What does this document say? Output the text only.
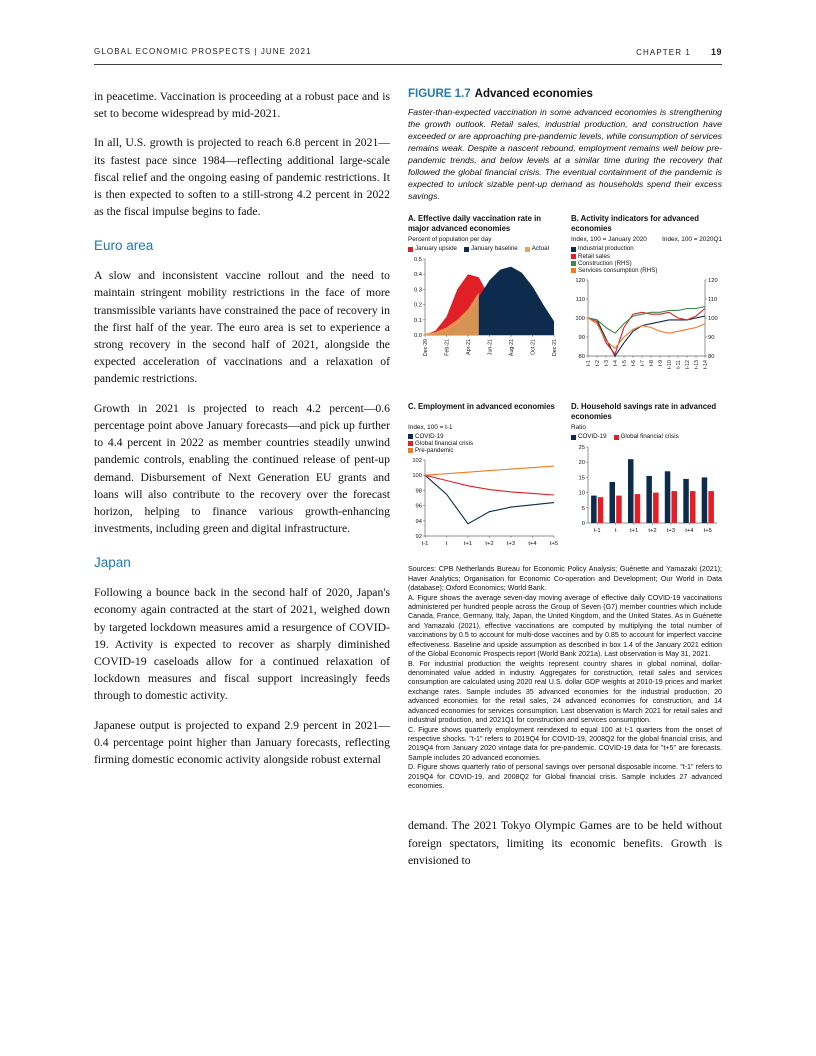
GLOBAL ECONOMIC PROSPECTS | JUNE 2021	CHAPTER 1 19

in peacetime. Vaccination is proceeding at a robust pace and is set to become widespread by mid-2021.

In all, U.S. growth is projected to reach 6.8 percent in 2021—its fastest pace since 1984—reflecting additional large-scale fiscal relief and the ongoing easing of pandemic restrictions. It is then expected to soften to a still-strong 4.2 percent in 2022 as the fiscal impulse begins to fade.

Euro area

A slow and inconsistent vaccine rollout and the need to maintain stringent mobility restrictions in the face of more transmissible variants have constrained the pace of recovery in the first half of the year. The euro area is set to experience a strong recovery in the second half of 2021, alongside the expected acceleration of vaccinations and a relaxation of pandemic restrictions.

Growth in 2021 is projected to reach 4.2 percent—0.6 percentage point above January forecasts—and pick up further to 4.4 percent in 2022 as member countries steadily unwind pandemic controls, enabling the continued release of pent-up demand. Disbursement of Next Generation EU grants and loans will also contribute to the recovery over the forecast horizon, helping to finance various growth-enhancing investments, including green and digital infrastructure.

Japan

Following a bounce back in the second half of 2020, Japan's economy again contracted at the start of 2021, weighed down by targeted lockdown measures amid a resurgence of COVID-19. Activity is expected to recover as sharply diminished COVID-19 caseloads allow for a continued relaxation of lockdown measures and fiscal support increasingly feeds through to domestic activity.

Japanese output is projected to expand 2.9 percent in 2021—0.4 percentage point higher than January forecasts, reflecting firming domestic economic activity alongside robust external

FIGURE 1.7 Advanced economies

Faster-than-expected vaccination in some advanced economies is strengthening the growth outlook. Retail sales, industrial production, and construction have exceeded or are approaching pre-pandemic levels, while consumption of services remains weak. Despite a nascent rebound, employment remains well below pre-pandemic trends, and below levels at a similar time during the recovery that followed the global financial crisis. The eventual containment of the pandemic is expected to unlock sizable pent-up demand as households spend their excess savings.

A. Effective daily vaccination rate in major advanced economies
Percent of population per day
January upside January baseline Actual
0.0
0.1
0.2
0.3
0.4
0.5
Dec-20	Feb-21	Apr-21	Jun-21	Aug-21	Oct-21	Dec-21
B. Activity indicators for advanced economies
Index, 100 = January 2020 Index, 100 = 2020Q1
Industrial production
Retail sales
Construction (RHS)
Services consumption (RHS)
80	80
90	90
100	100
110	110
120	120
t-1 t-2 t-3 t-4 t-5 t-6 t-7 t-8 t-9 t-10 t-11 t-12 t-13 t-14
C. Employment in advanced economies
Index, 100 = t-1
COVID-19
Global financial crisis
Pre-pandemic
92
94
96
98
100
102
t-1	t	t+1 t+2 t+3 t+4 t+5
D. Household savings rate in advanced economies
Ratio
COVID-19 Global financial crisis
0
5
10
15
20
25
t-1 t t+1 t+2 t+3 t+4 t+5

Sources: CPB Netherlands Bureau for Economic Policy Analysis; Guénette and Yamazaki (2021); Haver Analytics; Organisation for Economic Co-operation and Development; Our World in Data (database); Oxford Economics; World Bank.

A. Figure shows the average seven-day moving average of effective daily COVID-19 vaccinations administered per hundred people across the Group of Seven (G7) member countries which include Canada, France, Germany, Italy, Japan, the United Kingdom, and the United States. As in Guénette and Yamazaki (2021), effective vaccinations are computed by multiplying the total number of vaccinations by 0.5 to account for multi-dose vaccines and by 0.85 to account for imperfect vaccine effectiveness. Baseline and upside assumption as described in box 1.4 of the January 2021 edition of the Global Economic Prospects report (World Bank 2021a). Last observation is May 31, 2021.

B. For industrial production the weights represent country shares in global nominal, dollar-denominated value added in industry. Aggregates for construction, retail sales and services consumption are calculated using 2020 real U.S. dollar GDP weights at 2010-19 prices and market exchange rates. Sample includes 35 advanced economies for the industrial production, 20 advanced economies for the retail sales, 24 advanced economies for construction, and 14 advanced economies for services consumption. Last observation is March 2021 for retail sales and industrial production, and 2021Q1 for construction and services consumption.

C. Figure shows quarterly employment reindexed to equal 100 at t-1 quarters from the onset of respective shocks. "t-1" refers to 2019Q4 for COVID-19, 2008Q2 for the global financial crisis, and 2019Q4 from January 2020 vintage data for pre-pandemic. COVID-19 data for "t+5" are forecasts. Sample includes 20 advanced economies.

D. Figure shows quarterly ratio of personal savings over personal disposable income. "t-1" refers to 2019Q4 for COVID-19, and 2008Q2 for Global financial crisis. Sample includes 27 advanced economies.

demand. The 2021 Tokyo Olympic Games are to be held without foreign spectators, limiting its economic benefits. Growth is envisioned to
